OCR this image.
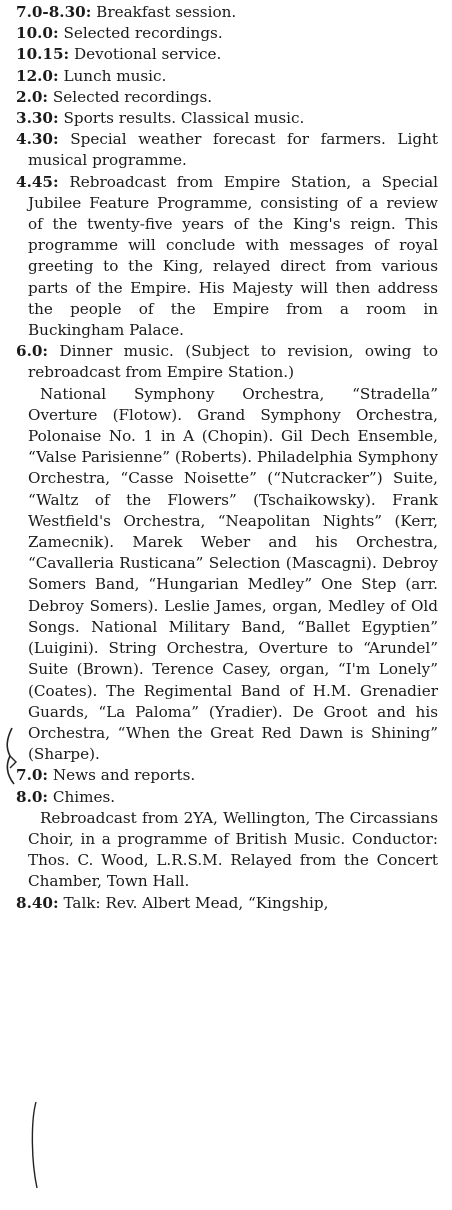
7.0-8.30: Breakfast session.

10.0: Selected recordings.

10.15: Devotional service.

12.0: Lunch music.

2.0: Selected recordings.

3.30: Sports results. Classical music.

4.30: Special weather forecast for farmers. Light musical programme.

4.45: Rebroadcast from Empire Station, a Special Jubilee Feature Programme, consisting of a review of the twenty-five years of the King's reign. This programme will conclude with messages of royal greeting to the King, relayed direct from various parts of the Empire. His Majesty will then address the people of the Empire from a room in Buckingham Palace.

6.0: Dinner music. (Subject to revision, owing to rebroadcast from Empire Station.)

National Symphony Orchestra, “Stradella” Overture (Flotow). Grand Symphony Orchestra, Polonaise No. 1 in A (Chopin). Gil Dech Ensemble, “Valse Parisienne” (Roberts). Philadelphia Symphony Orchestra, “Casse Noisette” (“Nutcracker”) Suite, “Waltz of the Flowers” (Tschaikowsky). Frank Westfield's Orchestra, “Neapolitan Nights” (Kerr, Zamecnik). Marek Weber and his Orchestra, “Cavalleria Rusticana” Selection (Mascagni). Debroy Somers Band, “Hungarian Medley” One Step (arr. Debroy Somers). Leslie James, organ, Medley of Old Songs. National Military Band, “Ballet Egyptien” (Luigini). String Orchestra, Overture to “Arundel” Suite (Brown). Terence Casey, organ, “I'm Lonely” (Coates). The Regimental Band of H.M. Grenadier Guards, “La Paloma” (Yradier). De Groot and his Orchestra, “When the Great Red Dawn is Shining” (Sharpe).

7.0: News and reports.

8.0: Chimes.

Rebroadcast from 2YA, Wellington, The Circassians Choir, in a programme of British Music. Conductor: Thos. C. Wood, L.R.S.M. Relayed from the Concert Chamber, Town Hall.

8.40: Talk: Rev. Albert Mead, “Kingship,
